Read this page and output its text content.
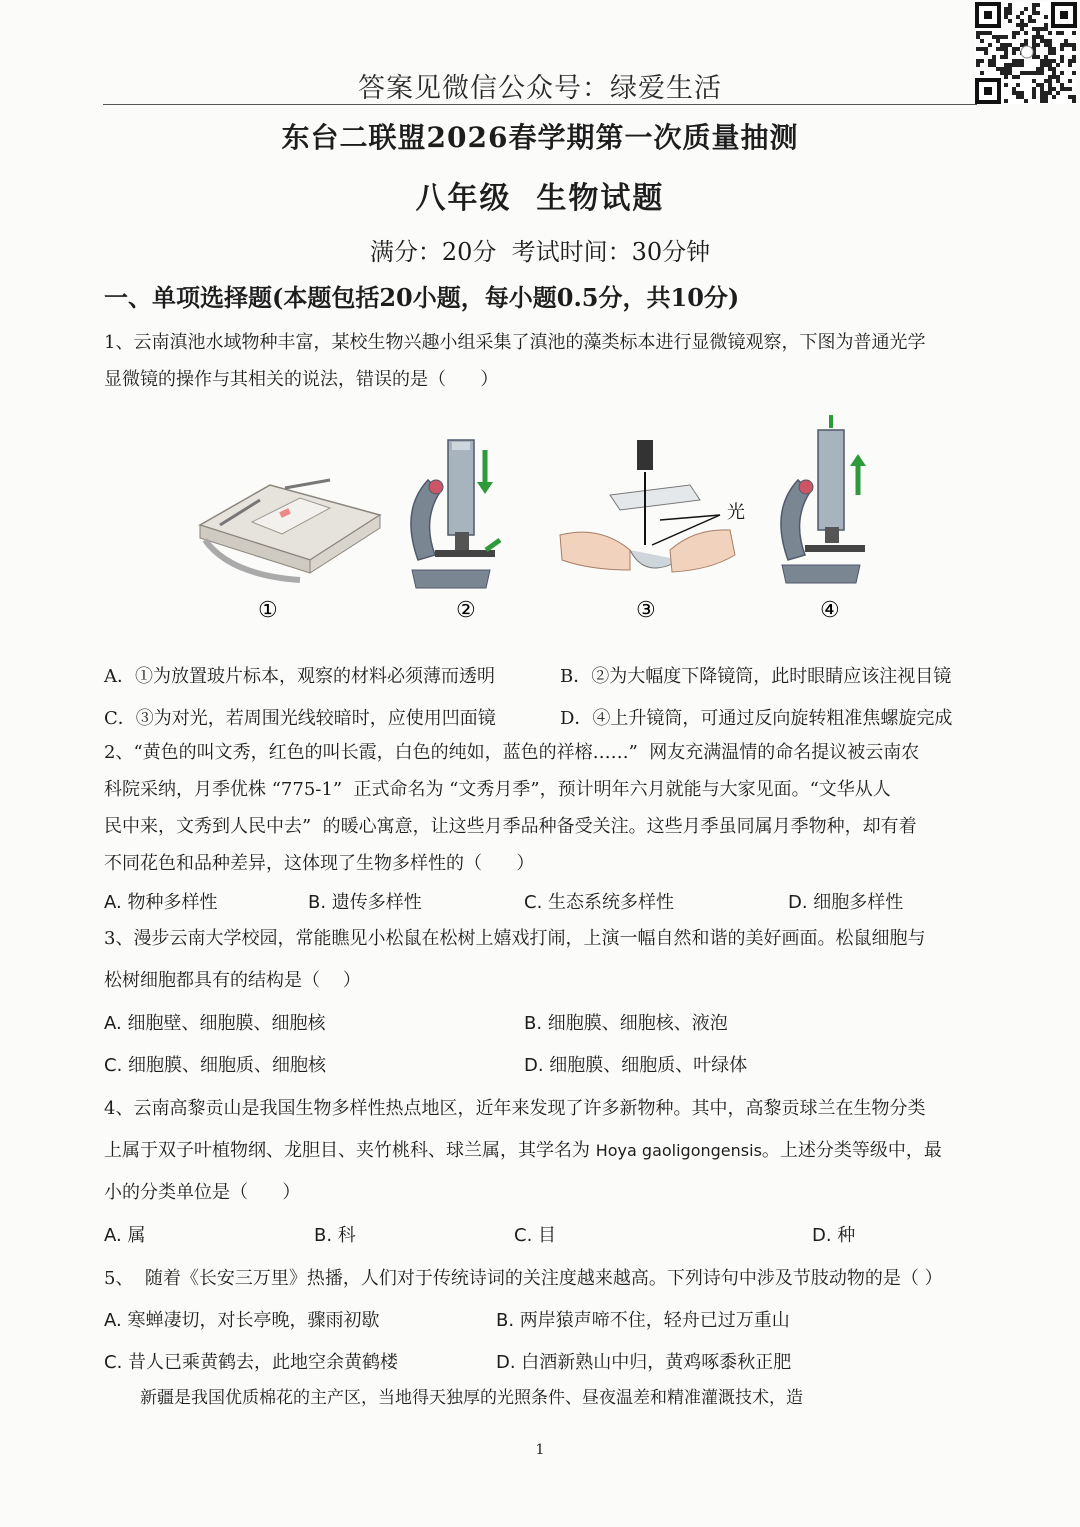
答案见微信公众号：绿爱生活
东台二联盟2026春学期第一次质量抽测
八年级  生物试题
满分：20分  考试时间：30分钟
一、单项选择题(本题包括20小题，每小题0.5分，共10分)
1、云南滇池水域物种丰富，某校生物兴趣小组采集了滇池的藻类标本进行显微镜观察，下图为普通光学
显微镜的操作与其相关的说法，错误的是（      ）
光
①	②	③	④
A．①为放置玻片标本，观察的材料必须薄而透明	B．②为大幅度下降镜筒，此时眼睛应该注视目镜
C．③为对光，若周围光线较暗时，应使用凹面镜	D．④上升镜筒，可通过反向旋转粗准焦螺旋完成
2、“黄色的叫文秀，红色的叫长霞，白色的纯如，蓝色的祥榕……”  网友充满温情的命名提议被云南农
科院采纳，月季优株 “775-1”  正式命名为 “文秀月季”，预计明年六月就能与大家见面。“文华从人
民中来，文秀到人民中去”  的暖心寓意，让这些月季品种备受关注。这些月季虽同属月季物种，却有着
不同花色和品种差异，这体现了生物多样性的（      ）
A. 物种多样性	B. 遗传多样性	C. 生态系统多样性	D. 细胞多样性
3、漫步云南大学校园，常能瞧见小松鼠在松树上嬉戏打闹，上演一幅自然和谐的美好画面。松鼠细胞与
松树细胞都具有的结构是（    ）
A. 细胞壁、细胞膜、细胞核	B. 细胞膜、细胞核、液泡
C. 细胞膜、细胞质、细胞核	D. 细胞膜、细胞质、叶绿体
4、云南高黎贡山是我国生物多样性热点地区，近年来发现了许多新物种。其中，高黎贡球兰在生物分类
上属于双子叶植物纲、龙胆目、夹竹桃科、球兰属，其学名为 Hoya gaoligongensis。上述分类等级中，最
小的分类单位是（      ）
A. 属	B. 科	C. 目	D. 种
5、  随着《长安三万里》热播，人们对于传统诗词的关注度越来越高。下列诗句中涉及节肢动物的是（ ）
A. 寒蝉凄切，对长亭晚，骤雨初歇	B. 两岸猿声啼不住，轻舟已过万重山
C. 昔人已乘黄鹤去，此地空余黄鹤楼	D. 白酒新熟山中归，黄鸡啄黍秋正肥
新疆是我国优质棉花的主产区，当地得天独厚的光照条件、昼夜温差和精准灌溉技术，造
1
